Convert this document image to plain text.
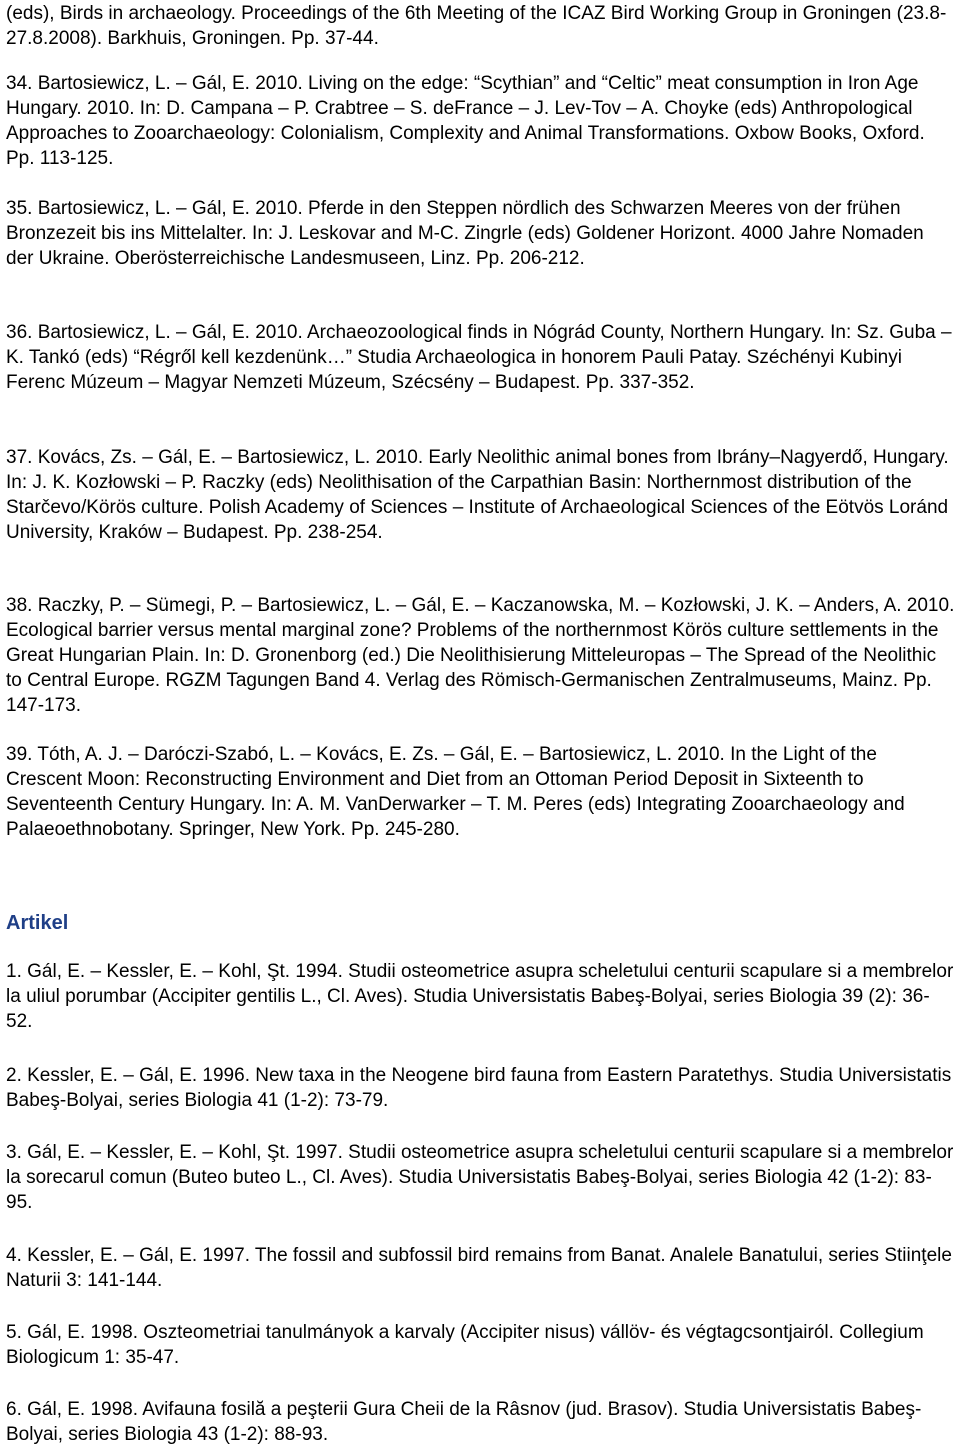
(eds), Birds in archaeology. Proceedings of the 6th Meeting of the ICAZ Bird Working Group in Groningen (23.8-27.8.2008). Barkhuis, Groningen. Pp. 37-44.

34. Bartosiewicz, L. – Gál, E. 2010. Living on the edge: “Scythian” and “Celtic” meat consumption in Iron Age Hungary. 2010. In: D. Campana – P. Crabtree – S. deFrance – J. Lev-Tov – A. Choyke (eds) Anthropological Approaches to Zooarchaeology: Colonialism, Complexity and Animal Transformations. Oxbow Books, Oxford. Pp. 113-125.

35. Bartosiewicz, L. – Gál, E. 2010. Pferde in den Steppen nördlich des Schwarzen Meeres von der frühen Bronzezeit bis ins Mittelalter. In: J. Leskovar and M-C. Zingrle (eds) Goldener Horizont. 4000 Jahre Nomaden der Ukraine. Oberösterreichische Landesmuseen, Linz. Pp. 206-212.

36. Bartosiewicz, L. – Gál, E. 2010. Archaeozoological finds in Nógrád County, Northern Hungary. In: Sz. Guba – K. Tankó (eds) “Régről kell kezdenünk…” Studia Archaeologica in honorem Pauli Patay. Széchényi Kubinyi Ferenc Múzeum – Magyar Nemzeti Múzeum, Szécsény – Budapest. Pp. 337-352.

37. Kovács, Zs. – Gál, E. – Bartosiewicz, L. 2010. Early Neolithic animal bones from Ibrány–Nagyerdő, Hungary. In: J. K. Kozłowski – P. Raczky (eds) Neolithisation of the Carpathian Basin: Northernmost distribution of the Starčevo/Körös culture. Polish Academy of Sciences – Institute of Archaeological Sciences of the Eötvös Loránd University, Kraków – Budapest. Pp. 238-254.

38. Raczky, P. – Sümegi, P. – Bartosiewicz, L. – Gál, E. – Kaczanowska, M. – Kozłowski, J. K. – Anders, A. 2010. Ecological barrier versus mental marginal zone? Problems of the northernmost Körös culture settlements in the Great Hungarian Plain. In: D. Gronenborg (ed.) Die Neolithisierung Mitteleuropas – The Spread of the Neolithic to Central Europe. RGZM Tagungen Band 4. Verlag des Römisch-Germanischen Zentralmuseums, Mainz. Pp. 147-173.

39. Tóth, A. J. – Daróczi-Szabó, L. – Kovács, E. Zs. – Gál, E. – Bartosiewicz, L. 2010. In the Light of the Crescent Moon: Reconstructing Environment and Diet from an Ottoman Period Deposit in Sixteenth to Seventeenth Century Hungary. In: A. M. VanDerwarker – T. M. Peres (eds) Integrating Zooarchaeology and Palaeoethnobotany. Springer, New York. Pp. 245-280.

Artikel

1. Gál, E. – Kessler, E. – Kohl, Şt. 1994. Studii osteometrice asupra scheletului centurii scapulare si a membrelor la uliul porumbar (Accipiter gentilis L., Cl. Aves). Studia Universistatis Babeş-Bolyai, series Biologia 39 (2): 36-52.

2. Kessler, E. – Gál, E. 1996. New taxa in the Neogene bird fauna from Eastern Paratethys. Studia Universistatis Babeş-Bolyai, series Biologia 41 (1-2): 73-79.

3. Gál, E. – Kessler, E. – Kohl, Şt. 1997. Studii osteometrice asupra scheletului centurii scapulare si a membrelor la sorecarul comun (Buteo buteo L., Cl. Aves). Studia Universistatis Babeş-Bolyai, series Biologia 42 (1-2): 83-95.

4. Kessler, E. – Gál, E. 1997. The fossil and subfossil bird remains from Banat. Analele Banatului, series Stiinţele Naturii 3: 141-144.

5. Gál, E. 1998. Oszteometriai tanulmányok a karvaly (Accipiter nisus) vállöv- és végtagcsontjairól. Collegium Biologicum 1: 35-47.

6. Gál, E. 1998. Avifauna fosilă a peşterii Gura Cheii de la Râsnov (jud. Brasov). Studia Universistatis Babeş-Bolyai, series Biologia 43 (1-2): 88-93.
